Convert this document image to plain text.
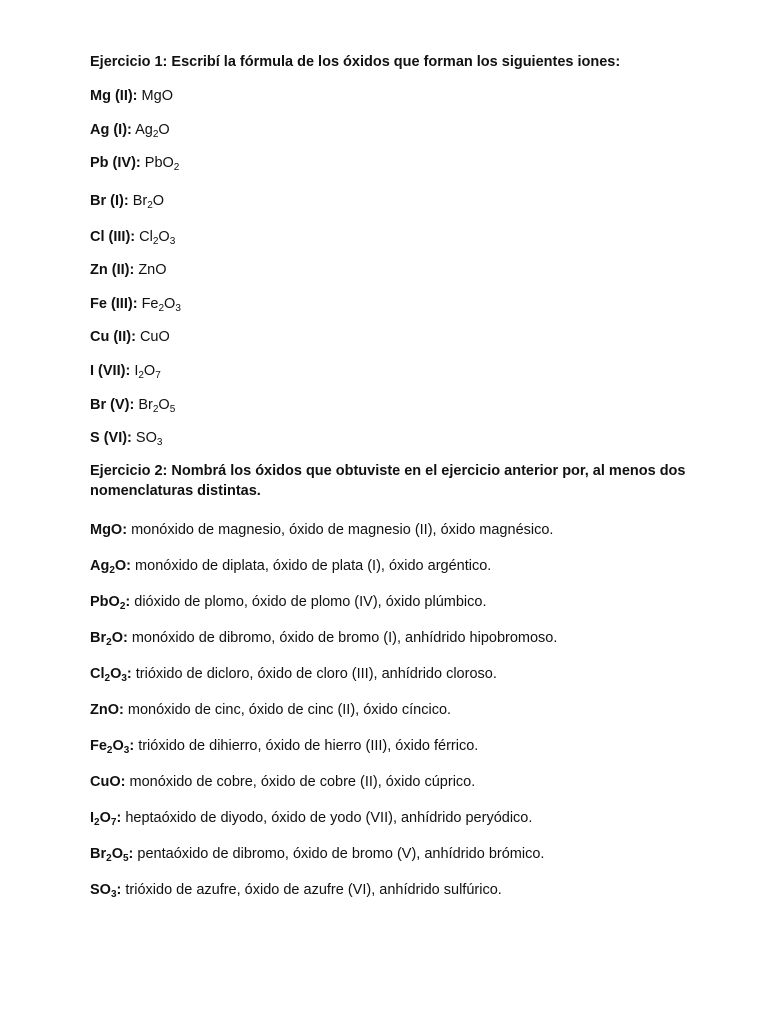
Ejercicio 1: Escribí la fórmula de los óxidos que forman los siguientes iones:
Mg (II): MgO
Ag (I): $Ag_2O$
Pb (IV): PbO$_2$
Br (I): $Br_2O$
Cl (III): $Cl_2O_3$
Zn (II): ZnO
Fe (III): $Fe_2O_3$
Cu (II): CuO
I (VII): $I_2O_7$
Br (V): $Br_2O_5$
S (VI): $SO_3$
Ejercicio 2: Nombrá los óxidos que obtuviste en el ejercicio anterior por, al menos dos nomenclaturas distintas.
MgO: monóxido de magnesio, óxido de magnesio (II), óxido magnésico.
$Ag_2O$: monóxido de diplata, óxido de plata (I), óxido argéntico.
PbO$_2$: dióxido de plomo, óxido de plomo (IV), óxido plúmbico.
$Br_2O$: monóxido de dibromo, óxido de bromo (I), anhídrido hipobromoso.
$Cl_2O_3$: trióxido de dicloro, óxido de cloro (III), anhídrido cloroso.
ZnO: monóxido de cinc, óxido de cinc (II), óxido cíncico.
$Fe_2O_3$: trióxido de dihierro, óxido de hierro (III), óxido férrico.
CuO: monóxido de cobre, óxido de cobre (II), óxido cúprico.
$I_2O_7$: heptaóxido de diyodo, óxido de yodo (VII), anhídrido peryódico.
$Br_2O_5$: pentaóxido de dibromo, óxido de bromo (V), anhídrido brómico.
$SO_3$: trióxido de azufre, óxido de azufre (VI), anhídrido sulfúrico.
